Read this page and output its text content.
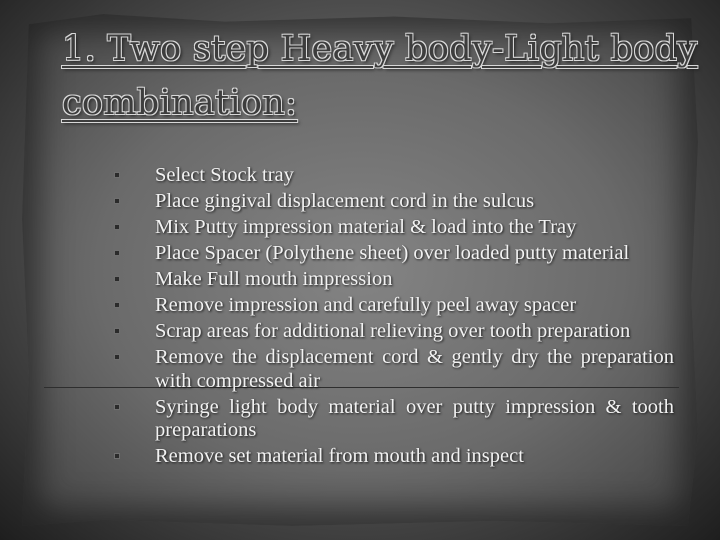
1. Two step Heavy body-Light body combination:
Select Stock tray
Place gingival displacement cord in the sulcus
Mix Putty impression material & load into the Tray
Place Spacer (Polythene sheet) over loaded putty material
Make Full mouth impression
Remove impression and carefully peel away spacer
Scrap areas for additional relieving over tooth preparation
Remove the displacement cord & gently dry the preparation with compressed air
Syringe light body material over putty impression & tooth preparations
Remove set material from mouth and inspect
